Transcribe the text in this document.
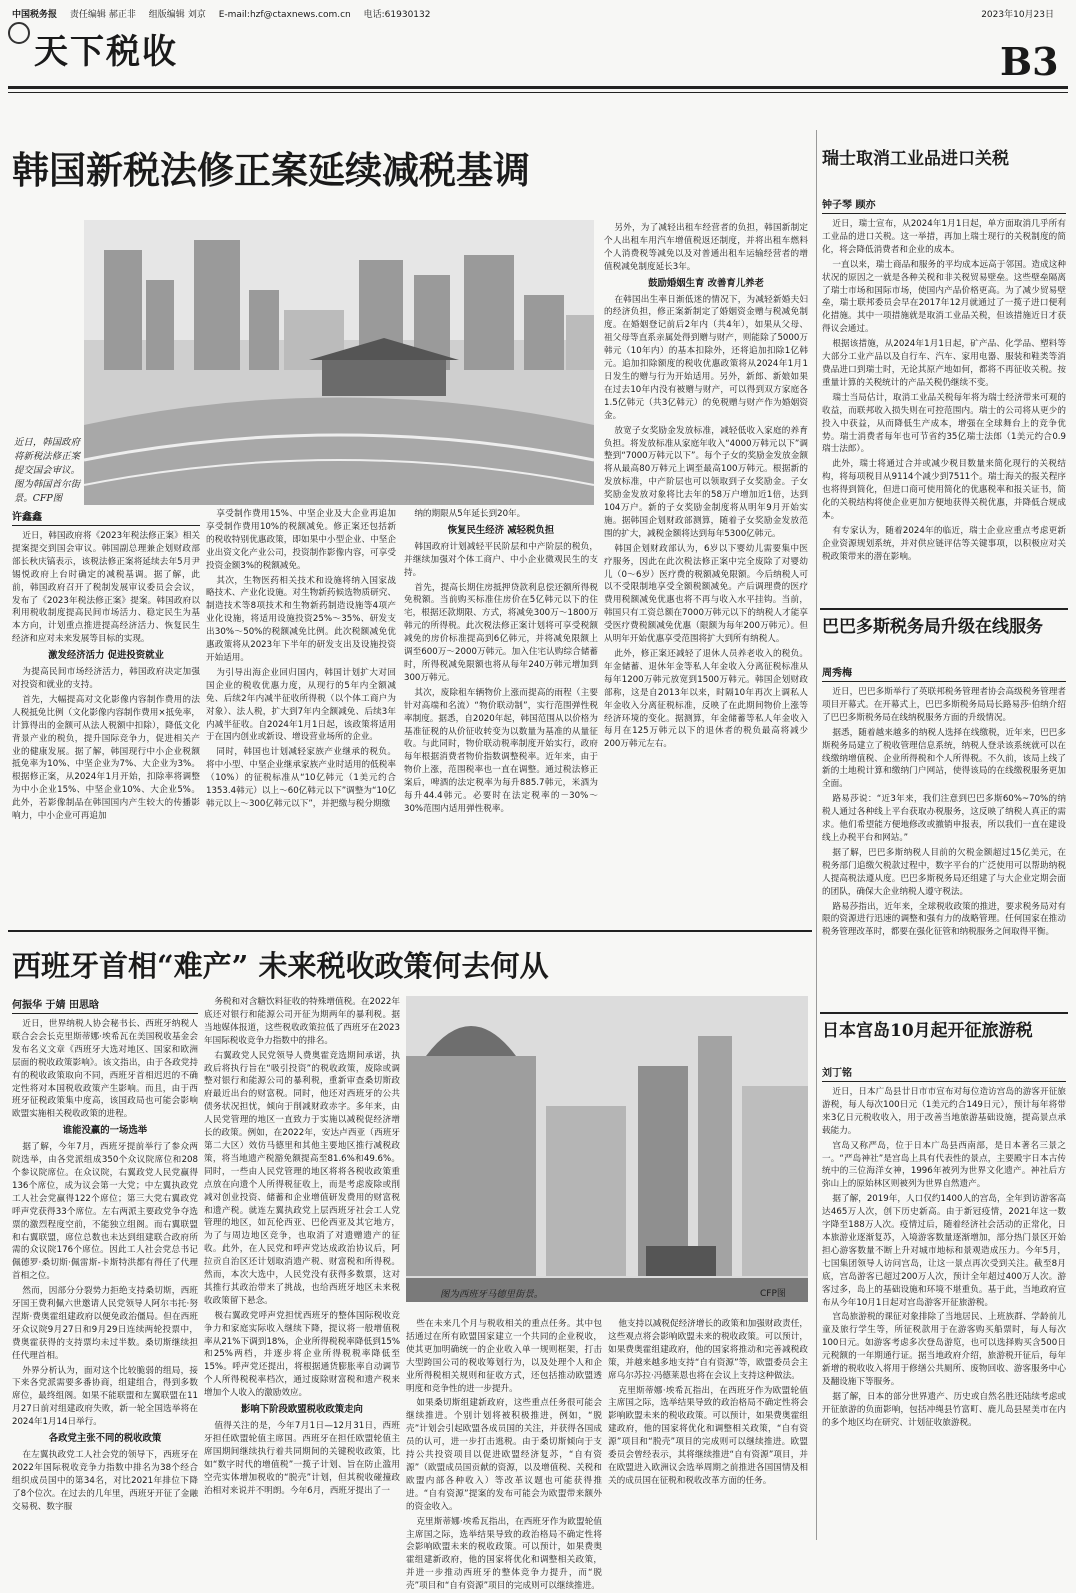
中国税务报 责任编辑 郝正非 组版编辑 刘京 E-mail:hzf@ctaxnews.com.cn 电话:61930132	2023年10月23日
天下税收	B3
韩国新税法修正案延续减税基调
近日，韩国政府将新税法修正案提交国会审议。图为韩国首尔街景。CFP图
许鑫鑫

近日，韩国政府将《2023年税法修正案》相关提案提交到国会审议。韩国副总理兼企划财政部部长秋庆镐表示，该税法修正案将延续去年5月尹锡悦政府上台时确定的减税基调。据了解，此前，韩国政府召开了税制发展审议委员会会议，发布了《2023年税法修正案》提案。韩国政府以利用税收制度提高民间市场活力、稳定民生为基本方向，计划重点推进提高经济活力、恢复民生经济和应对未来发展等目标的实现。

激发经济活力 促进投资就业

为提高民间市场经济活力，韩国政府决定加强对投资和就业的支持。

首先，大幅提高对文化影像内容制作费用的法人税抵免比例（文化影像内容制作费用×抵免率，计算得出的金额可从法人税额中扣除），降低文化背景产业的税负，提升国际竞争力，促进相关产业的健康发展。据了解，韩国现行中小企业税额抵免率为10%、中坚企业为7%、大企业为3%。根据修正案，从2024年1月开始，扣除率将调整为中小企业15%、中坚企业10%、大企业5%。此外，若影像制品在韩国国内产生较大的传播影响力，中小企业可再追加

享受制作费用15%、中坚企业及大企业再追加享受制作费用10%的税额减免。修正案还包括新的税收特别优惠政策，即如果中小型企业、中坚企业出资文化产业公司，投资制作影像内容，可享受投资金额3%的税额减免。

其次，生物医药相关技术和设施将纳入国家战略技术、产业化设施。对生物新药候选物质研究、制造技术等8项技术和生物新药制造设施等4项产业化设施，将适用设施投资25%～35%、研发支出30%～50%的税额减免比例。此次税额减免优惠政策将从2023年下半年的研发支出及设施投资开始适用。

为引导出海企业回归国内，韩国计划扩大对回国企业的税收优惠力度，从现行的5年内全额减免、后续2年内减半征收所得税（以个体工商户为对象）、法人税，扩大到7年内全额减免、后续3年内减半征收。自2024年1月1日起，该政策将适用于在国内创业或新设、增设营业场所的企业。

同时，韩国也计划减轻家族产业继承的税负。将中小型、中坚企业继承家族产业时适用的低税率（10%）的征税标准从“10亿韩元（1美元约合1353.4韩元）以上～60亿韩元以下”调整为“10亿韩元以上～300亿韩元以下”，并把缴与税分期缴

纳的期限从5年延长到20年。

恢复民生经济 减轻税负担

韩国政府计划减轻平民阶层和中产阶层的税负，并继续加强对个体工商户、中小企业微观民生的支持。

首先，提高长期住房抵押贷款利息偿还额所得税免税额。当前购买标准住房价在5亿韩元以下的住宅，根据还款期限、方式，将减免300万～1800万韩元的所得税。此次税法修正案计划将可享受税额减免的房价标准提高到6亿韩元，并将减免限额上调至600万～2000万韩元。加入住宅认购综合储蓄时，所得税减免限额也将从每年240万韩元增加到300万韩元。

其次，废除租车辆物价上涨而提高的雨程（主要针对高端和名流）“物价联动制”，实行范围弹性税率制度。据悉，自2020年起，韩国范围从以价格为基准征税的从价征收转变为以数量为基准的从量征收。与此同时，物价联动税率制度开始实行，政府每年根据消费者物价指数调整税率。近年来，由于物价上涨，范围税率也一直在调整。通过税法修正案后，啤酒的法定税率为每升885.7韩元，米酒为每升44.4韩元。必要时在法定税率的－30%～30%范围内适用弹性税率。

另外，为了减轻出租车经营者的负担，韩国新制定个人出租车用汽车增值税返还制度，并将出租车燃料个人消费税等减免以及对普通出租车运输经营者的增值税减免制度延长3年。

鼓励婚姻生育 改善育儿养老

在韩国出生率日渐低迷的情况下，为减轻新婚夫妇的经济负担，修正案新制定了婚姻资金赠与税减免制度。在婚姻登记前后2年内（共4年），如果从父母、祖父母等直系亲属处得到赠与财产，则能除了5000万韩元（10年内）的基本扣除外，还将追加扣除1亿韩元。追加扣除额度的税收优惠政策将从2024年1月1日发生的赠与行为开始适用。另外，新郎、新娘如果在过去10年内没有被赠与财产，可以得到双方家庭各1.5亿韩元（共3亿韩元）的免税赠与财产作为婚姻资金。

放宽子女奖励金发放标准，减轻低收入家庭的养育负担。将发放标准从家庭年收入“4000万韩元以下”调整到“7000万韩元以下”。每个子女的奖励金发放金额将从最高80万韩元上调至最高100万韩元。根据新的发放标准，中产阶层也可以领取到子女奖励金。子女奖励金发放对象将比去年的58万户增加近1倍，达到104万户。新的子女奖励金制度将从明年9月开始实施。据韩国企划财政部测算，随着子女奖励金发放范围的扩大，减税金额将达到每年5300亿韩元。

韩国企划财政部认为，6岁以下婴幼儿需要集中医疗服务，因此在此次税法修正案中完全废除了对婴幼儿（0～6岁）医疗费的税额减免限额。今后纳税人可以不受限制地享受全额税额减免。产后调理费的医疗费用税额减免优惠也将不再与收入水平挂钩。当前，韩国只有工资总额在7000万韩元以下的纳税人才能享受医疗费税额减免优惠（限额为每年200万韩元）。但从明年开始优惠享受范围将扩大到所有纳税人。

此外，修正案还减轻了退休人员养老收入的税负。年金储蓄、退休年金等私人年金收入分离征税标准从每年1200万韩元放宽到1500万韩元。韩国企划财政部称，这是自2013年以来，时隔10年再次上调私人年金收入分离征税标准，反映了在此期间物价上涨等经济环境的变化。据测算，年金储蓄等私人年金收入每月在125万韩元以下的退休者的税负最高将减少200万韩元左右。

西班牙首相“难产” 未来税收政策何去何从
何振华 于婧 田思晗

近日，世界纳税人协会秘书长、西班牙纳税人联合会会长克里斯蒂娜·埃希瓦在美国税收基金会发布名义文章《西班牙大选对地区、国家和欧洲层面的税收政策影响》。该文指出，由于各政党持有的税收政策取向不同，西班牙首相迟迟的不确定性将对本国税收政策产生影响。而且，由于西班牙征税政策集中度高，该国政局也可能会影响欧盟实施相关税收政策的进程。

谁能没赢的一场选举

据了解，今年7月，西班牙提前举行了参众两院选举，由各党派组成350个众议院席位和208个参议院席位。在众议院，右翼政党人民党赢得136个席位，成为议会第一大党；中左翼执政党工人社会党赢得122个席位；第三大党右翼政党呼声党获得33个席位。左右两派主要政党争夺选票的激烈程度空前，不能独立组阁。而右翼联盟和右翼联盟，席位总数也未达到组建联合政府所需的众议院176个席位。因此工人社会党总书记佩德罗·桑切斯·佩雷斯-卡斯特洪都有得任了代理首相之位。

然而，因部分分裂势力拒绝支持桑切斯，西班牙国王费利佩六世邀请人民党领导人阿尔韦托·努涅斯·费奥霍组建政府以便免政治僵局。但在西班牙众议院9月27日和9月29日连续两轮投票中，费奥霍获得的支持票均未过半数。桑切斯继续担任代理首相。

外界分析认为，面对这个比较脆弱的组局，接下来各党派需要多番协商，组建组合，得到多数席位，最终组阁。如果不能联盟和左翼联盟在11月27日前对组建政府失败，新一轮全国选举将在2024年1月14日举行。

各政党主张不同的税收政策

在左翼执政党工人社会党的领导下，西班牙在2022年国际税收竞争力指数中排名为38个经合组织成员国中的第34名，对比2021年排位下降了8个位次。在过去的几年里，西班牙开征了金融交易税、数字服

务税和对含糖饮料征收的特殊增值税。在2022年底还对银行和能源公司开征为期两年的暴利税。据当地媒体报道，这些税收政策拉低了西班牙在2023年国际税收竞争力指数中的排名。

右翼政党人民党领导人费奥霍竞选期间承诺，执政后将执行旨在“吸引投资”的税收政策，废除或调整对银行和能源公司的暴利税，重新审查桑切斯政府最近出台的财富税。同时，他还对西班牙的公共债务状况担忧，倾向于削减财政赤字。多年来，由人民党管理的地区一直致力于实施以减税促经济增长的政策。例如，在2022年，安达卢西亚（西班牙第二大区）效仿马德里和其他主要地区推行减税政策，将当地遗产税豁免额提高至81.6%和49.6%。同时，一些由人民党管理的地区将将各税收政策重点放在向遗个人所得税征收上，而是考虑废除或削减对创业投资、储蓄和企业增值研发费用的财富税和遗产税。就连左翼执政党上层西班牙社会工人党管理的地区，如瓦伦西亚、巴伦西亚及其它地方，为了与周边地区竞争，也取消了对遗赠遗产的征收。此外，在人民党和呼声党达成政治协议后，阿拉贡自治区还计划取消遗产税、财富税和所得税。然而，本次大选中，人民党没有获得多数票，这对其推行其政治带来了挑战，也给西班牙地区未来税收政策留下悬念。

极右翼政党呼声党担忧西班牙的整体国际税收竞争力和家庭实际收入继续下降，提议将一般增值税率从21%下调到18%，企业所得税税率降低到15%和25%两档，并逐步将企业所得税税率降低至15%。呼声党还提出，将根据通货膨胀率自动调节个人所得税税率档次，通过废除财富税和遗产税来增加个人收入的激励效应。

影响下阶段欧盟税收政策走向

值得关注的是，今年7月1日—12月31日，西班牙担任欧盟轮值主席国。西班牙在担任欧盟轮值主席国期间继续执行着共同期间的关键税收政策，比如“数字时代的增值税”一揽子计划、旨在防止滥用空壳实体增加税收的“脱壳”计划，但其税收碰撞政治相对来说并不明朗。今年6月，西班牙提出了一

图为西班牙马德里街景。	CFP图

些在未来几个月与税收相关的重点任务。其中包括通过在所有欧盟国家建立一个共同的企业税收，使其更加明确统一的企业收入单一规则框架，打击大型跨国公司的税收筹划行为，以及处理个人和企业所得税相关规则和征收方式，还包括推动欧盟透明度和竞争性的进一步提升。

如果桑切斯组建新政府，这些重点任务很可能会继续推进。个别计划将被积极推进，例如，“脱壳”计划会引起欧盟各成员国的关注，并获得各国成员的认可，进一步打击逃税。由于桑切斯倾向于支持公共投资项目以促进欧盟经济复苏，“自有资源”（欧盟成员国贡献的资源，以及增值税、关税和欧盟内部各种收入）等改革议题也可能获得推进。“自有资源”提案的发布可能会为欧盟带来额外的资金收入。

克里斯蒂娜·埃希瓦指出，在西班牙作为欧盟轮值主席国之际，选举结果导致的政治格局不确定性将会影响欧盟未来的税收政策。可以预计，如果费奥霍组建新政府，他的国家将优化和调整相关政策，并进一步推动西班牙的整体竞争力提升，而“脱壳”项目和“自有资源”项目的完成则可以继续推进。

他支持以减税促经济增长的政策和加强财政责任，这些观点将会影响欧盟未来的税收政策。可以预计，如果费奥霍组建政府，他的国家将推动和完善减税政策，并越来越多地支持“自有资源”等，欧盟委员会主席乌尔苏拉·冯德莱恩也将在会议上支持这种做法。

克里斯蒂娜·埃希瓦指出，在西班牙作为欧盟轮值主席国之际，选举结果导致的政治格局不确定性将会影响欧盟未来的税收政策。可以预计，如果费奥霍组建政府，他的国家将优化和调整相关政策，“自有资源”项目和“脱壳”项目的完成则可以继续推进。欧盟委员会曾经表示，其将继续推进“自有资源”项目，并在欧盟进入欧洲议会选举周期之前推进各国国情及相关的成员国在征税和税收改革方面的任务。

瑞士取消工业品进口关税
钟子琴 顾亦

近日，瑞士宣布，从2024年1月1日起，单方面取消几乎所有工业品的进口关税。这一举措，再加上瑞士现行的关税制度的简化，将会降低消费者和企业的成本。

一直以来，瑞士商品和服务的平均成本远高于邻国。造成这种状况的原因之一就是各种关税和非关税贸易壁垒。这些壁垒隔离了瑞士市场和国际市场，使国内产品价格更高。为了减少贸易壁垒，瑞士联邦委员会早在2017年12月就通过了一揽子进口便利化措施。其中一项措施就是取消工业品关税，但该措施近日才获得议会通过。

根据该措施，从2024年1月1日起，矿产品、化学品、塑料等大部分工业产品以及自行车、汽车、家用电器、服装和鞋类等消费品进口到瑞士时，无论其原产地如何，都将不再征收关税。按重量计算的关税统计的产品关税仍继续不变。

瑞士当局估计，取消工业品关税每年将为瑞士经济带来可观的收益，而联邦收入损失则在可控范围内。瑞士的公司将从更少的投入中获益，从而降低生产成本，增强在全球舞台上的竞争优势。瑞士消费者每年也可节省约35亿瑞士法郎（1美元约合0.9瑞士法郎）。

此外，瑞士将通过合并或减少税目数量来简化现行的关税结构，将每项税目从9114个减少到7511个。瑞士海关的报关程序也将得到简化，但进口商可使用简化的优惠税率和报关证书，简化的关税结构将使企业更加方便地获得关税优惠，并降低合规成本。

有专家认为，随着2024年的临近，瑞士企业应重点考虑更新企业资源规划系统，并对供应链评估等关键事项，以积极应对关税政策带来的潜在影响。

巴巴多斯税务局升级在线服务
周秀梅

近日，巴巴多斯举行了英联邦税务管理者协会高级税务管理者项目开幕式。在开幕式上，巴巴多斯税务局局长路易莎·伯纳介绍了巴巴多斯税务局在线纳税服务方面的升级情况。

据悉，随着越来越多的纳税人选择在线缴税，近年来，巴巴多斯税务局建立了税收管理信息系统，纳税人登录该系统就可以在线缴纳增值税、企业所得税和个人所得税。不久前，该局上线了新的土地税计算和缴纳门户网站，使得该局的在线缴税服务更加全面。

路易莎说：“近3年来，我们注意到巴巴多斯60%~70%的纳税人通过各种线上平台获取办税服务，这反映了纳税人真正的需求。他们希望能方便地修改或撤销申报表，所以我们一直在建设线上办税平台和网站。”

据了解，巴巴多斯纳税人目前的欠税金额超过15亿美元，在税务部门追缴欠税款过程中，数字平台的广泛使用可以帮助纳税人提高税法遵从度。巴巴多斯税务局还组建了与大企业定期会面的团队，确保大企业纳税人遵守税法。

路易莎指出，近年来，全球税收政策的推进，要求税务局对有限的资源进行迅速的调整和强有力的战略管理。任何国家在推动税务管理改革时，都要在强化征管和纳税服务之间取得平衡。

日本宫岛10月起开征旅游税
刘丁铭

近日，日本广岛县廿日市市宣布对每位造访宫岛的游客开征旅游税，每人每次100日元（1美元约合149日元），预计每年将带来3亿日元税收收入，用于改善当地旅游基础设施，提高景点承载能力。

宫岛又称严岛，位于日本广岛县西南部，是日本著名三景之一。“严岛神社”是宫岛上具有代表性的景点，主要殿宇日本古传统中的三位海洋女神，1996年被列为世界文化遗产。神社后方弥山上的原始林区则被列为世界自然遗产。

据了解，2019年，人口仅约1400人的宫岛，全年到访游客高达465万人次，创下历史新高。由于新冠疫情，2021年这一数字降至188万人次。疫情过后，随着经济社会活动的正常化，日本旅游业逐渐复苏，入境游客数量逐渐增加，部分热门景区开始担心游客数量不断上升对城市地标和景观造成压力。今年5月，七国集团领导人访问宫岛，让这一景点再次受到关注。截至8月底，宫岛游客已超过200万人次，预计全年超过400万人次。游客过多，岛上的基础设施和环境不堪重负。基于此，当地政府宣布从今年10月1日起对宫岛游客开征旅游税。

宫岛旅游税的课征对象排除了当地居民、上班族群、学龄前儿童及旅行学生等，所征税款用于在游客购买船票时，每人每次100日元。如游客考虑多次登岛游览，也可以选择购买含500日元税额的一年期通行证。据当地政府介绍，旅游税开征后，每年新增的税收收入将用于修缮公共厕所、废物回收、游客服务中心及翻设施下等服务。

据了解，日本的部分世界遗产、历史或自然名胜还陆续考虑或开征旅游的负面影响，包括冲绳县竹富町、鹿儿岛县屋美市在内的多个地区均在研究、计划征收旅游税。
